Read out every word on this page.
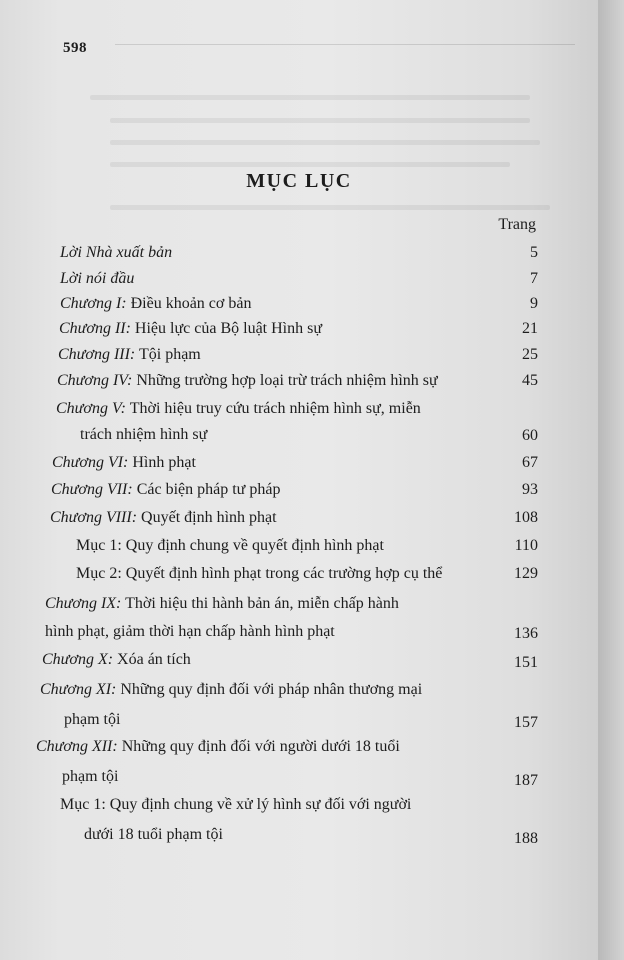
598
MỤC LỤC
Trang
Lời Nhà xuất bản	5
Lời nói đầu	7
Chương I: Điều khoản cơ bản	9
Chương II: Hiệu lực của Bộ luật Hình sự	21
Chương III: Tội phạm	25
Chương IV: Những trường hợp loại trừ trách nhiệm hình sự	45
Chương V: Thời hiệu truy cứu trách nhiệm hình sự, miễn
trách nhiệm hình sự	60
Chương VI: Hình phạt	67
Chương VII: Các biện pháp tư pháp	93
Chương VIII: Quyết định hình phạt	108
Mục 1: Quy định chung về quyết định hình phạt	110
Mục 2: Quyết định hình phạt trong các trường hợp cụ thể	129
Chương IX: Thời hiệu thi hành bản án, miễn chấp hành
hình phạt, giảm thời hạn chấp hành hình phạt	136
Chương X: Xóa án tích	151
Chương XI: Những quy định đối với pháp nhân thương mại
phạm tội	157
Chương XII: Những quy định đối với người dưới 18 tuổi
phạm tội	187
Mục 1: Quy định chung về xử lý hình sự đối với người
dưới 18 tuổi phạm tội	188
